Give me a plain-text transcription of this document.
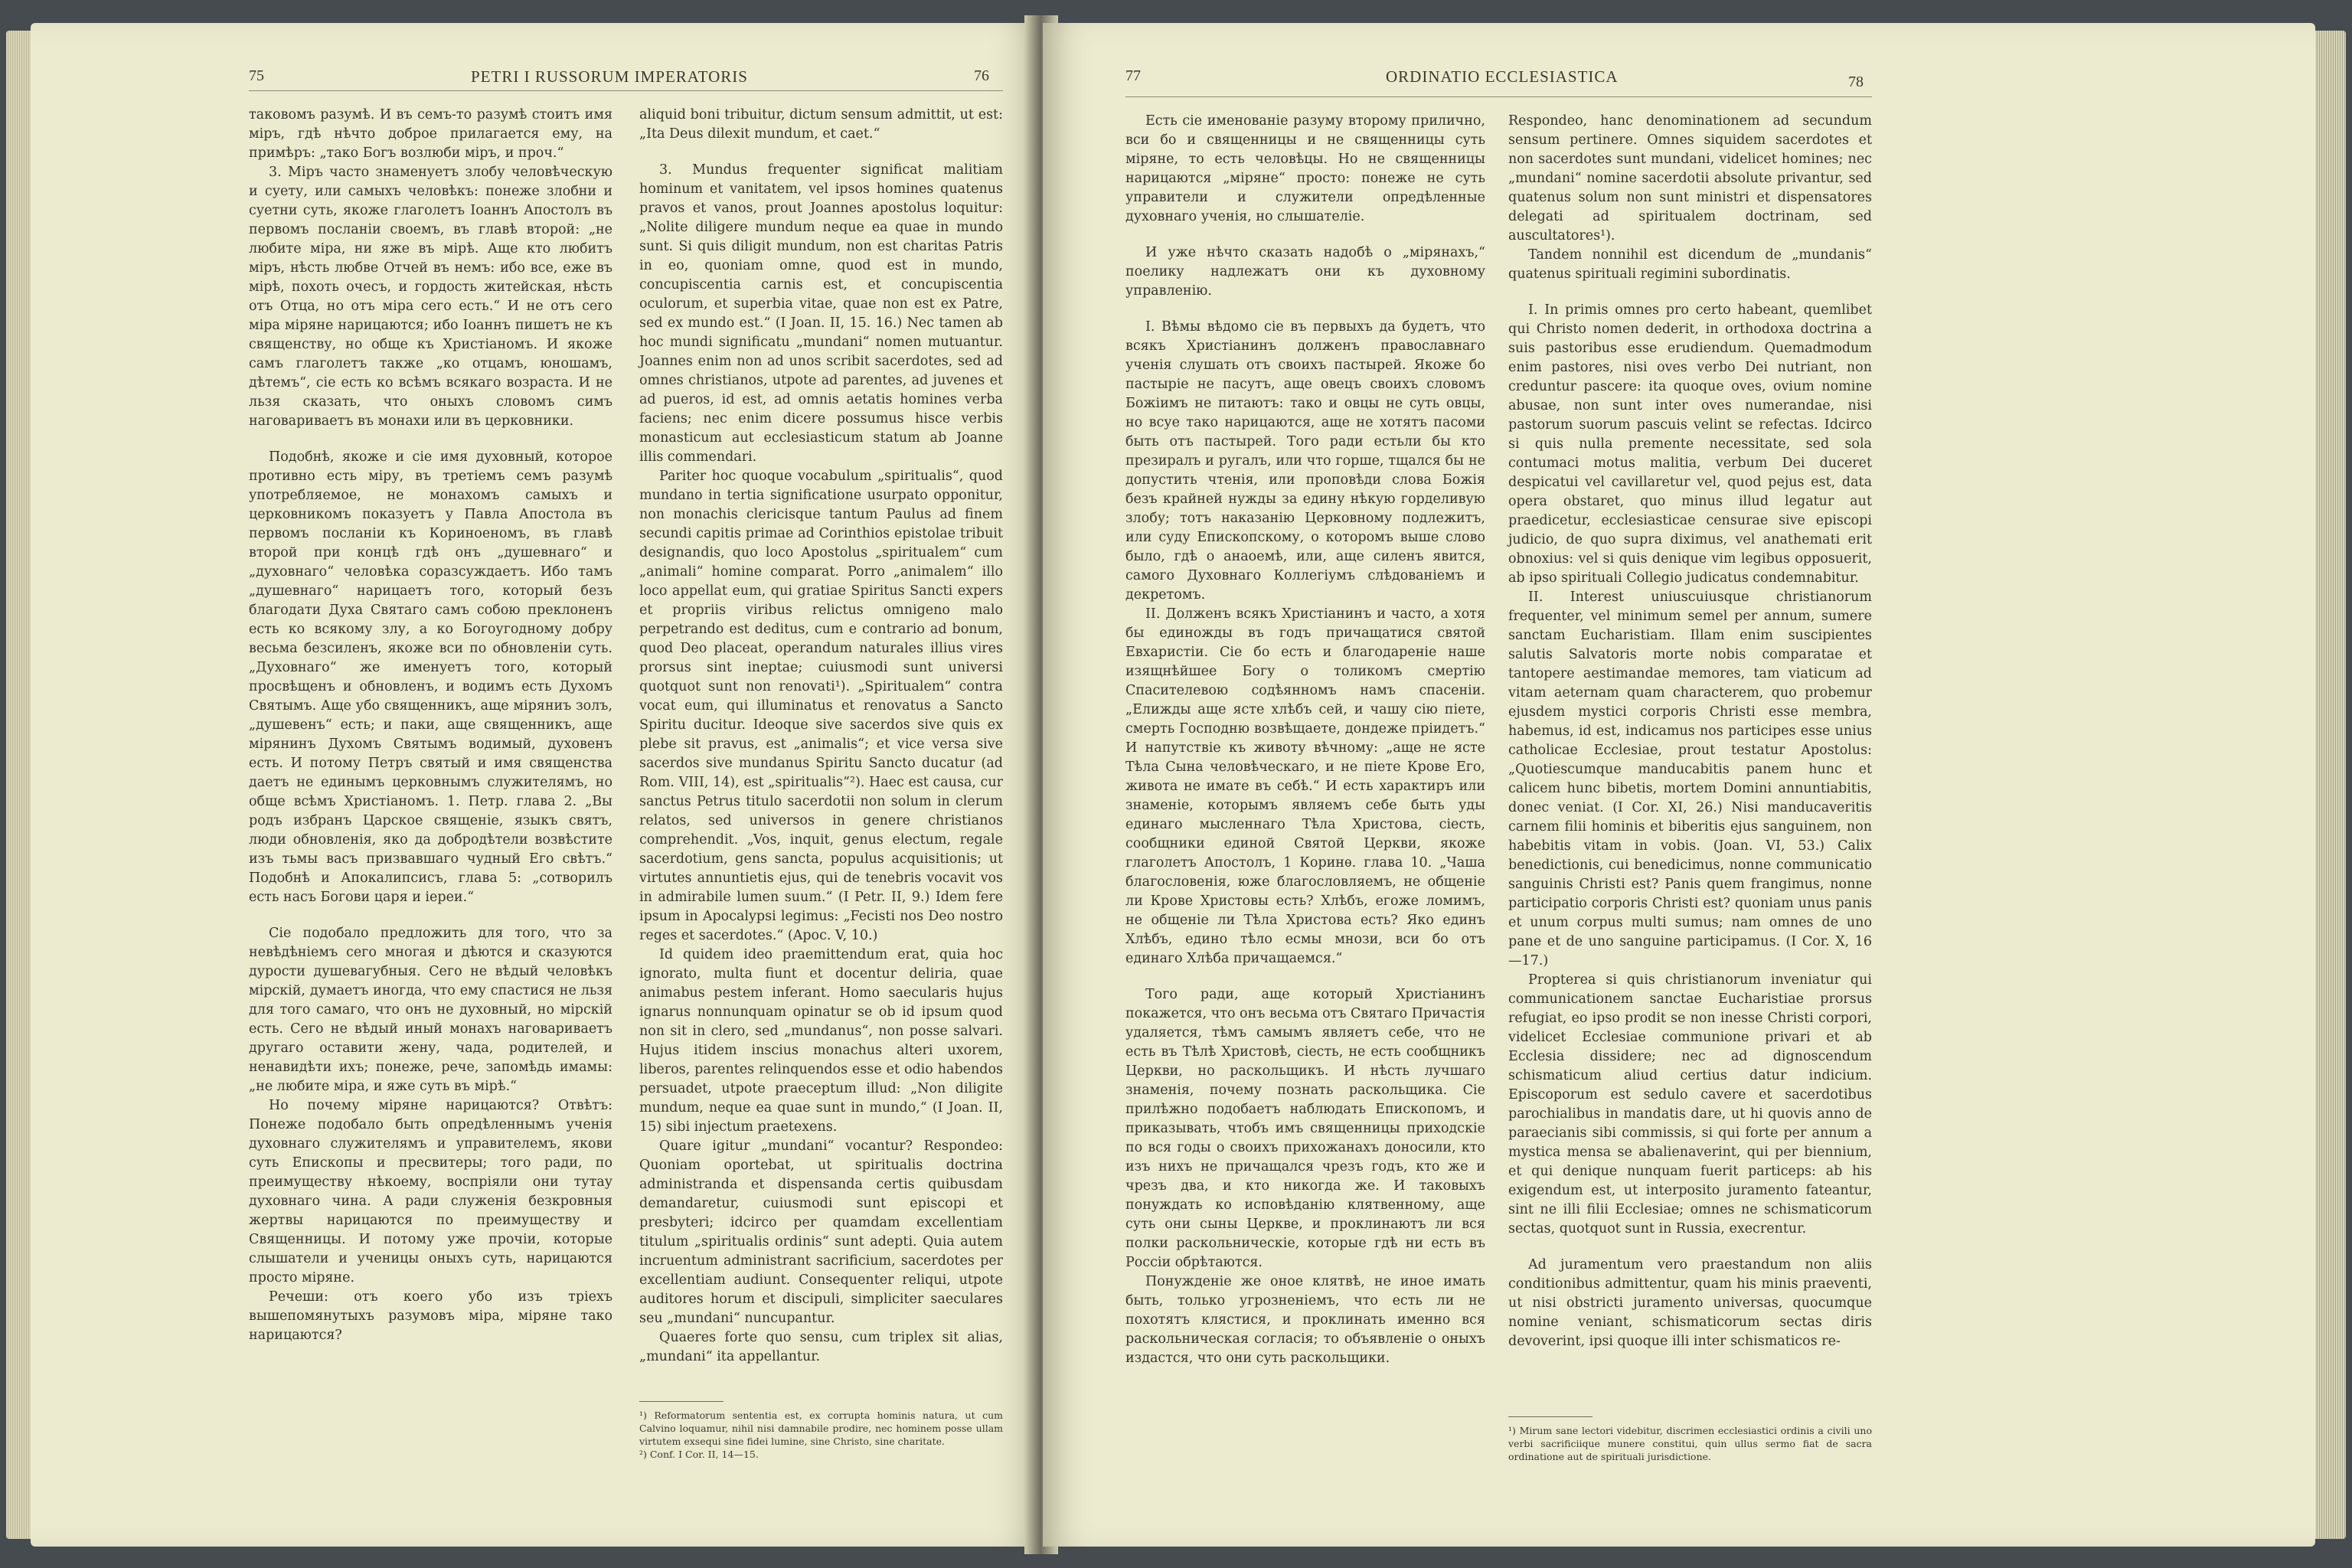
75	PETRI I RUSSORUM IMPERATORIS	76

таковомъ разумѣ. И въ семъ-то разумѣ стоитъ имя міръ, гдѣ нѣчто доброе прилагается ему, на примѣръ: „тако Богъ возлюби міръ, и проч.“

3. Міръ часто знаменуетъ злобу человѣческую и суету, или самыхъ человѣкъ: понеже злобни и суетни суть, якоже глаголетъ Іоаннъ Апостолъ въ первомъ посланіи своемъ, въ главѣ второй: „не любите міра, ни яже въ мірѣ. Аще кто любитъ міръ, нѣсть любве Отчей въ немъ: ибо все, еже въ мірѣ, похоть очесъ, и гордость житейская, нѣсть отъ Отца, но отъ міра сего есть.“ И не отъ сего міра міряне нарицаются; ибо Іоаннъ пишетъ не къ священству, но обще къ Христіаномъ. И якоже самъ глаголетъ также „ко отцамъ, юношамъ, дѣтемъ“, сіе есть ко всѣмъ всякаго возраста. И не льзя сказать, что оныхъ словомъ симъ наговариваетъ въ монахи или въ церковники.

Подобнѣ, якоже и сіе имя духовный, которое противно есть міру, въ третіемъ семъ разумѣ употребляемое, не монахомъ самыхъ и церковникомъ показуетъ у Павла Апостола въ первомъ посланіи къ Кориноеномъ, въ главѣ второй при концѣ гдѣ онъ „душевнаго“ и „духовнаго“ человѣка соразсуждаетъ. Ибо тамъ „душевнаго“ нарицаетъ того, который безъ благодати Духа Святаго самъ собою преклоненъ есть ко всякому злу, а ко Богоугодному добру весьма безсиленъ, якоже вси по обновленіи суть. „Духовнаго“ же именуетъ того, который просвѣщенъ и обновленъ, и водимъ есть Духомъ Святымъ. Аще убо священникъ, аще міряниъ золъ, „душевенъ“ есть; и паки, аще священникъ, аще мірянинъ Духомъ Святымъ водимый, духовенъ есть. И потому Петръ святый и имя священства даетъ не единымъ церковнымъ служителямъ, но обще всѣмъ Христіаномъ. 1. Петр. глава 2. „Вы родъ избранъ Царское священіе, языкъ святъ, люди обновленія, яко да добродѣтели возвѣстите изъ тьмы васъ призвавшаго чудный Его свѣтъ.“ Подобнѣ и Апокалипсисъ, глава 5: „сотворилъ есть насъ Богови царя и іереи.“

Сіе подобало предложить для того, что за невѣдѣніемъ сего многая и дѣются и сказуются дурости душевагубныя. Сего не вѣдый человѣкъ мірскій, думаетъ иногда, что ему спастися не льзя для того самаго, что онъ не духовный, но мірскій есть. Сего не вѣдый иный монахъ наговариваетъ другаго оставити жену, чада, родителей, и ненавидѣти ихъ; понеже, рече, запомѣдь имамы: „не любите міра, и яже суть въ мірѣ.“

Но почему міряне нарицаются? Отвѣтъ: Понеже подобало быть опредѣленнымъ ученія духовнаго служителямъ и управителемъ, якови суть Епископы и пресвитеры; того ради, по преимуществу нѣкоему, воспріяли они тутау духовнаго чина. А ради служенія безкровныя жертвы нарицаются по преимуществу и Священницы. И потому уже прочіи, которые слышатели и ученицы оныхъ суть, нарицаются просто міряне.

Речеши: отъ коего убо изъ тріехъ вышепомянутыхъ разумовъ міра, міряне тако нарицаются?

aliquid boni tribuitur, dictum sensum admittit, ut est: „Ita Deus dilexit mundum, et caet.“

3. Mundus frequenter significat malitiam hominum et vanitatem, vel ipsos homines quatenus pravos et vanos, prout Joannes apostolus loquitur: „Nolite diligere mundum neque ea quae in mundo sunt. Si quis diligit mundum, non est charitas Patris in eo, quoniam omne, quod est in mundo, concupiscentia carnis est, et concupiscentia oculorum, et superbia vitae, quae non est ex Patre, sed ex mundo est.“ (I Joan. II, 15. 16.) Nec tamen ab hoc mundi significatu „mundani“ nomen mutuantur. Joannes enim non ad unos scribit sacerdotes, sed ad omnes christianos, utpote ad parentes, ad juvenes et ad pueros, id est, ad omnis aetatis homines verba faciens; nec enim dicere possumus hisce verbis monasticum aut ecclesiasticum statum ab Joanne illis commendari.

Pariter hoc quoque vocabulum „spiritualis“, quod mundano in tertia significatione usurpato opponitur, non monachis clericisque tantum Paulus ad finem secundi capitis primae ad Corinthios epistolae tribuit designandis, quo loco Apostolus „spiritualem“ cum „animali“ homine comparat. Porro „animalem“ illo loco appellat eum, qui gratiae Spiritus Sancti expers et propriis viribus relictus omnigeno malo perpetrando est deditus, cum e contrario ad bonum, quod Deo placeat, operandum naturales illius vires prorsus sint ineptae; cuiusmodi sunt universi quotquot sunt non renovati¹). „Spiritualem“ contra vocat eum, qui illuminatus et renovatus a Sancto Spiritu ducitur. Ideoque sive sacerdos sive quis ex plebe sit pravus, est „animalis“; et vice versa sive sacerdos sive mundanus Spiritu Sancto ducatur (ad Rom. VIII, 14), est „spiritualis“²). Haec est causa, cur sanctus Petrus titulo sacerdotii non solum in clerum relatos, sed universos in genere christianos comprehendit. „Vos, inquit, genus electum, regale sacerdotium, gens sancta, populus acquisitionis; ut virtutes annuntietis ejus, qui de tenebris vocavit vos in admirabile lumen suum.“ (I Petr. II, 9.) Idem fere ipsum in Apocalypsi legimus: „Fecisti nos Deo nostro reges et sacerdotes.“ (Apoc. V, 10.)

Id quidem ideo praemittendum erat, quia hoc ignorato, multa fiunt et docentur deliria, quae animabus pestem inferant. Homo saecularis hujus ignarus nonnunquam opinatur se ob id ipsum quod non sit in clero, sed „mundanus“, non posse salvari. Hujus itidem inscius monachus alteri uxorem, liberos, parentes relinquendos esse et odio habendos persuadet, utpote praeceptum illud: „Non diligite mundum, neque ea quae sunt in mundo,“ (I Joan. II, 15) sibi injectum praetexens.

Quare igitur „mundani“ vocantur? Respondeo: Quoniam oportebat, ut spiritualis doctrina administranda et dispensanda certis quibusdam demandaretur, cuiusmodi sunt episcopi et presbyteri; idcirco per quamdam excellentiam titulum „spiritualis ordinis“ sunt adepti. Quia autem incruentum administrant sacrificium, sacerdotes per excellentiam audiunt. Consequenter reliqui, utpote auditores horum et discipuli, simpliciter saeculares seu „mundani“ nuncupantur.

Quaeres forte quo sensu, cum triplex sit alias, „mundani“ ita appellantur.

¹) Reformatorum sententia est, ex corrupta hominis natura, ut cum Calvino loquamur, nihil nisi damnabile prodire, nec hominem posse ullam virtutem exsequi sine fidei lumine, sine Christo, sine charitate.
²) Conf. I Cor. II, 14—15.
77	ORDINATIO ECCLESIASTICA	78

Есть сіе именованіе разуму второму прилично, вси бо и священницы и не священницы суть міряне, то есть человѣцы. Но не священницы нарицаются „міряне“ просто: понеже не суть управители и служители опредѣленные духовнаго ученія, но слышателіе.

И уже нѣчто сказать надобѣ о „мірянахъ,“ поелику надлежатъ они къ духовному управленію.

I. Вѣмы вѣдомо сіе въ первыхъ да будетъ, что всякъ Христіанинъ долженъ православнаго ученія слушать отъ своихъ пастырей. Якоже бо пастыріе не пасутъ, аще овецъ своихъ словомъ Божіимъ не питаютъ: тако и овцы не суть овцы, но всуе тако нарицаются, аще не хотятъ пасоми быть отъ пастырей. Того ради естьли бы кто презиралъ и ругалъ, или что горше, тщался бы не допустить чтенія, или проповѣди слова Божія безъ крайней нужды за едину нѣкую горделивую злобу; тотъ наказанію Церковному подлежитъ, или суду Епископскому, о которомъ выше слово было, гдѣ о анаоемѣ, или, аще силенъ явится, самого Духовнаго Коллегіумъ слѣдованіемъ и декретомъ.

II. Долженъ всякъ Христіанинъ и часто, а хотя бы единожды въ годъ причащатися святой Евхаристіи. Сіе бо есть и благодареніе наше изящнѣйшее Богу о толикомъ смертію Спасителевою содѣянномъ намъ спасеніи. „Елижды аще ясте хлѣбъ сей, и чашу сію піете, смерть Господню возвѣщаете, дондеже пріидетъ.“ И напутствіе къ животу вѣчному: „аще не ясте Тѣла Сына человѣческаго, и не піете Крове Его, живота не имате въ себѣ.“ И есть характиръ или знаменіе, которымъ являемъ себе быть уды единаго мысленнаго Тѣла Христова, сіесть, сообщники единой Святой Церкви, якоже глаголетъ Апостолъ, 1 Коринѳ. глава 10. „Чаша благословенія, юже благословляемъ, не общеніе ли Крове Христовы есть? Хлѣбъ, егоже ломимъ, не общеніе ли Тѣла Христова есть? Яко единъ Хлѣбъ, едино тѣло есмы мнози, вси бо отъ единаго Хлѣба причащаемся.“

Того ради, аще который Христіанинъ покажется, что онъ весьма отъ Святаго Причастія удаляется, тѣмъ самымъ являетъ себе, что не есть въ Тѣлѣ Христовѣ, сіесть, не есть сообщникъ Церкви, но раскольщикъ. И нѣсть лучшаго знаменія, почему познать раскольщика. Сіе прилѣжно подобаетъ наблюдать Епископомъ, и приказывать, чтобъ имъ священницы приходскіе по вся годы о своихъ прихожанахъ доносили, кто изъ нихъ не причащался чрезъ годъ, кто же и чрезъ два, и кто никогда же. И таковыхъ понуждать ко исповѣданію клятвенному, аще суть они сыны Церкве, и проклинаютъ ли вся полки раскольническіе, которые гдѣ ни есть въ Россіи обрѣтаются.

Понужденіе же оное клятвѣ, не иное имать быть, только угрозненіемъ, что есть ли не похотятъ клястися, и проклинать именно вся раскольническая согласія; то объявленіе о оныхъ издастся, что они суть раскольщики.

Respondeo, hanc denominationem ad secundum sensum pertinere. Omnes siquidem sacerdotes et non sacerdotes sunt mundani, videlicet homines; nec „mundani“ nomine sacerdotii absolute privantur, sed quatenus solum non sunt ministri et dispensatores delegati ad spiritualem doctrinam, sed auscultatores¹).

Tandem nonnihil est dicendum de „mundanis“ quatenus spirituali regimini subordinatis.

I. In primis omnes pro certo habeant, quemlibet qui Christo nomen dederit, in orthodoxa doctrina a suis pastoribus esse erudiendum. Quemadmodum enim pastores, nisi oves verbo Dei nutriant, non creduntur pascere: ita quoque oves, ovium nomine abusae, non sunt inter oves numerandae, nisi pastorum suorum pascuis velint se refectas. Idcirco si quis nulla premente necessitate, sed sola contumaci motus malitia, verbum Dei duceret despicatui vel cavillaretur vel, quod pejus est, data opera obstaret, quo minus illud legatur aut praedicetur, ecclesiasticae censurae sive episcopi judicio, de quo supra diximus, vel anathemati erit obnoxius: vel si quis denique vim legibus opposuerit, ab ipso spirituali Collegio judicatus condemnabitur.

II. Interest uniuscuiusque christianorum frequenter, vel minimum semel per annum, sumere sanctam Eucharistiam. Illam enim suscipientes salutis Salvatoris morte nobis comparatae et tantopere aestimandae memores, tam viaticum ad vitam aeternam quam characterem, quo probemur ejusdem mystici corporis Christi esse membra, habemus, id est, indicamus nos participes esse unius catholicae Ecclesiae, prout testatur Apostolus: „Quotiescumque manducabitis panem hunc et calicem hunc bibetis, mortem Domini annuntiabitis, donec veniat. (I Cor. XI, 26.) Nisi manducaveritis carnem filii hominis et biberitis ejus sanguinem, non habebitis vitam in vobis. (Joan. VI, 53.) Calix benedictionis, cui benedicimus, nonne communicatio sanguinis Christi est? Panis quem frangimus, nonne participatio corporis Christi est? quoniam unus panis et unum corpus multi sumus; nam omnes de uno pane et de uno sanguine participamus. (I Cor. X, 16—17.)

Propterea si quis christianorum inveniatur qui communicationem sanctae Eucharistiae prorsus refugiat, eo ipso prodit se non inesse Christi corpori, videlicet Ecclesiae communione privari et ab Ecclesia dissidere; nec ad dignoscendum schismaticum aliud certius datur indicium. Episcoporum est sedulo cavere et sacerdotibus parochialibus in mandatis dare, ut hi quovis anno de paraecianis sibi commissis, si qui forte per annum a mystica mensa se abalienaverint, qui per biennium, et qui denique nunquam fuerit particeps: ab his exigendum est, ut interposito juramento fateantur, sint ne illi filii Ecclesiae; omnes ne schismaticorum sectas, quotquot sunt in Russia, execrentur.

Ad juramentum vero praestandum non aliis conditionibus admittentur, quam his minis praeventi, ut nisi obstricti juramento universas, quocumque nomine veniant, schismaticorum sectas diris devoverint, ipsi quoque illi inter schismaticos re-

¹) Mirum sane lectori videbitur, discrimen ecclesiastici ordinis a civili uno verbi sacrificiique munere constitui, quin ullus sermo fiat de sacra ordinatione aut de spirituali jurisdictione.
